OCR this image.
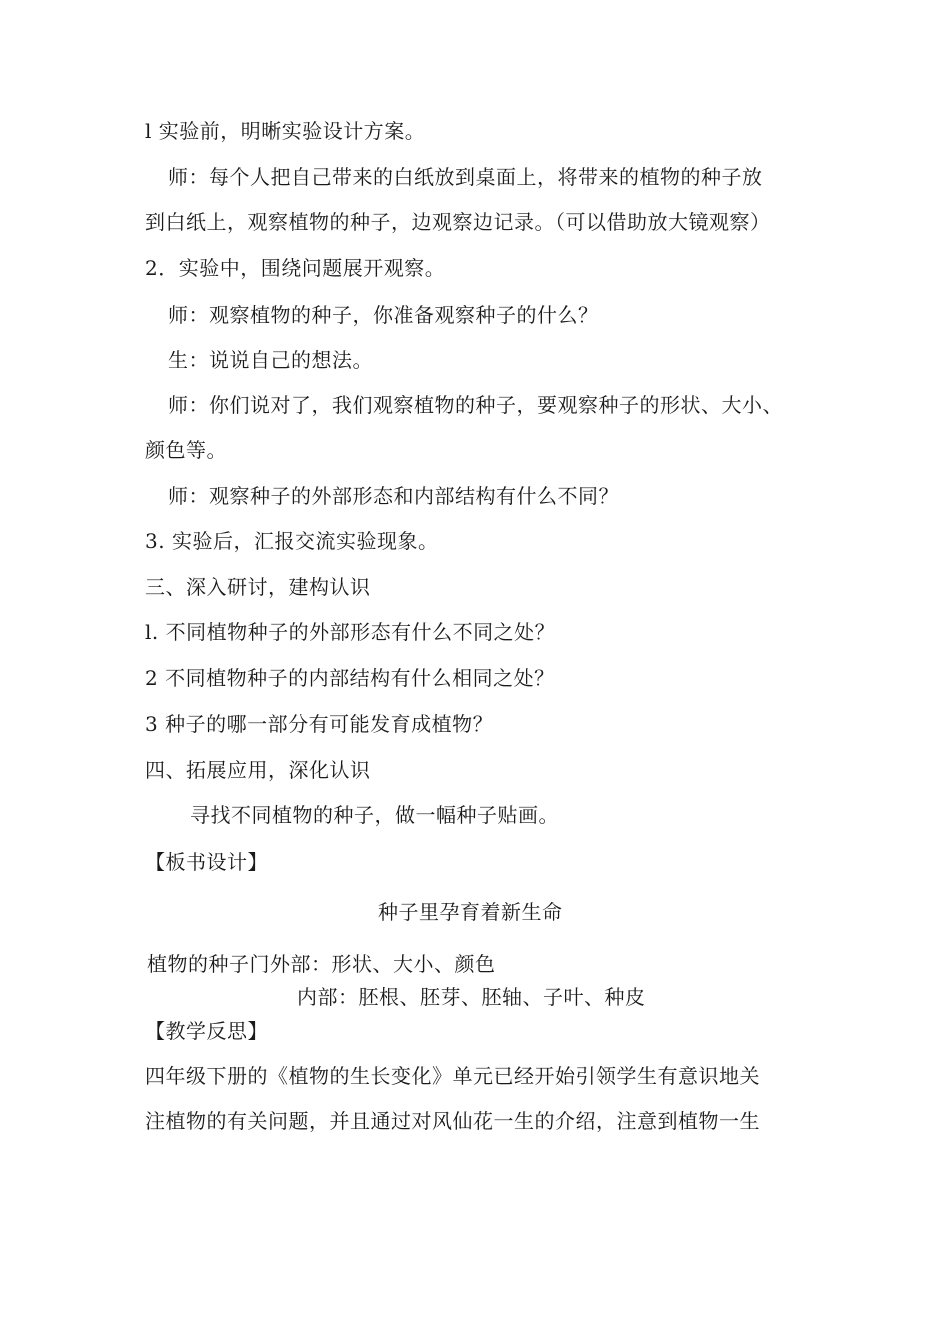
l 实验前，明晰实验设计方案。
师：每个人把自己带来的白纸放到桌面上，将带来的植物的种子放
到白纸上，观察植物的种子，边观察边记录。（可以借助放大镜观察）
2．实验中，围绕问题展开观察。
师：观察植物的种子，你准备观察种子的什么？
生：说说自己的想法。
师：你们说对了，我们观察植物的种子，要观察种子的形状、大小、
颜色等。
师：观察种子的外部形态和内部结构有什么不同？
3. 实验后，汇报交流实验现象。
三、深入研讨，建构认识
l. 不同植物种子的外部形态有什么不同之处？
2 不同植物种子的内部结构有什么相同之处？
3 种子的哪一部分有可能发育成植物？
四、拓展应用，深化认识
寻找不同植物的种子，做一幅种子贴画。
【板书设计】
种子里孕育着新生命
植物的种子门外部：形状、大小、颜色
内部：胚根、胚芽、胚轴、子叶、种皮
【教学反思】
四年级下册的《植物的生长变化》单元已经开始引领学生有意识地关
注植物的有关问题，并且通过对风仙花一生的介绍，注意到植物一生
